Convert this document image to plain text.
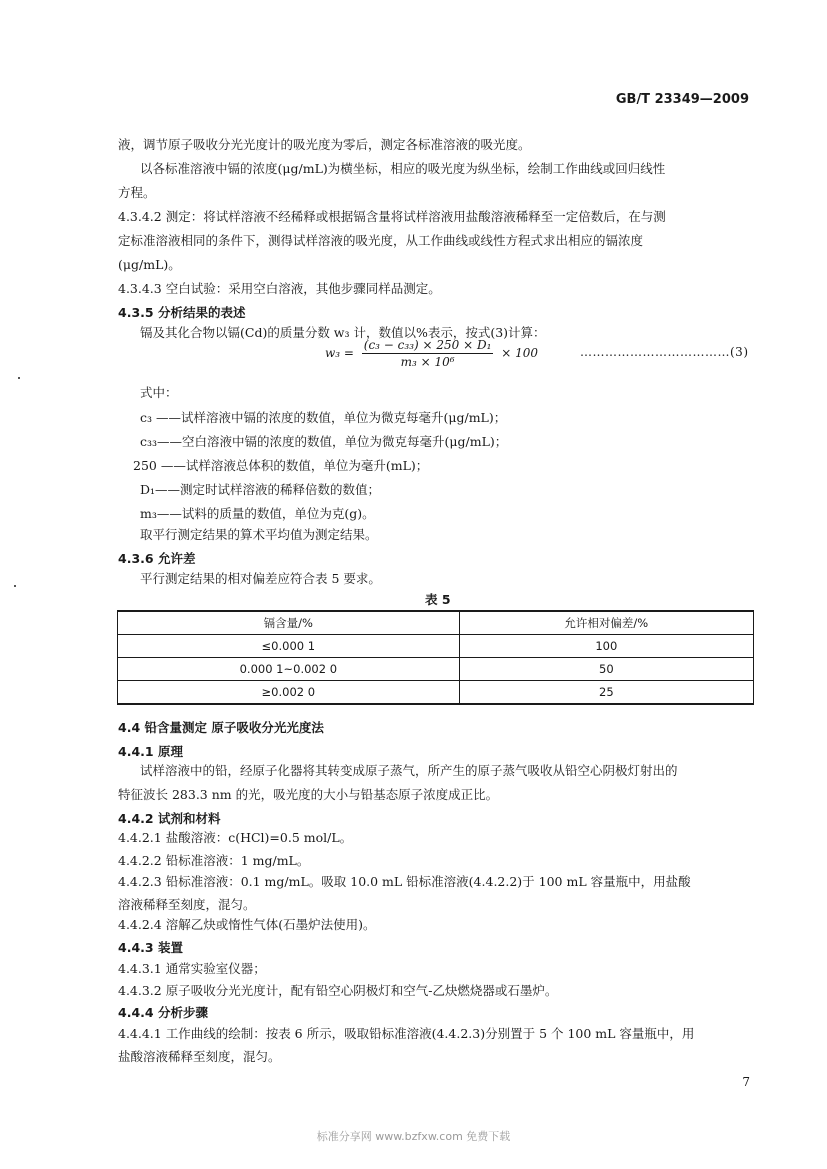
GB/T 23349—2009
液，调节原子吸收分光光度计的吸光度为零后，测定各标准溶液的吸光度。
以各标准溶液中镉的浓度(μg/mL)为横坐标，相应的吸光度为纵坐标，绘制工作曲线或回归线性
方程。
4.3.4.2 测定：将试样溶液不经稀释或根据镉含量将试样溶液用盐酸溶液稀释至一定倍数后，在与测
定标准溶液相同的条件下，测得试样溶液的吸光度，从工作曲线或线性方程式求出相应的镉浓度
(μg/mL)。
4.3.4.3 空白试验：采用空白溶液，其他步骤同样品测定。
4.3.5 分析结果的表述
镉及其化合物以镉(Cd)的质量分数 w₃ 计，数值以%表示，按式(3)计算：
式中：
c₃ ——试样溶液中镉的浓度的数值，单位为微克每毫升(μg/mL)；
c₃₃——空白溶液中镉的浓度的数值，单位为微克每毫升(μg/mL)；
250 ——试样溶液总体积的数值，单位为毫升(mL)；
D₁——测定时试样溶液的稀释倍数的数值；
m₃——试料的质量的数值，单位为克(g)。
取平行测定结果的算术平均值为测定结果。
4.3.6 允许差
平行测定结果的相对偏差应符合表 5 要求。
表 5
4.4 铅含量测定 原子吸收分光光度法
4.4.1 原理
试样溶液中的铅，经原子化器将其转变成原子蒸气，所产生的原子蒸气吸收从铅空心阴极灯射出的
特征波长 283.3 nm 的光，吸光度的大小与铅基态原子浓度成正比。
4.4.2 试剂和材料
4.4.2.1 盐酸溶液：c(HCl)=0.5 mol/L。
4.4.2.2 铅标准溶液：1 mg/mL。
4.4.2.3 铅标准溶液：0.1 mg/mL。吸取 10.0 mL 铅标准溶液(4.4.2.2)于 100 mL 容量瓶中，用盐酸
溶液稀释至刻度，混匀。
4.4.2.4 溶解乙炔或惰性气体(石墨炉法使用)。
4.4.3 装置
4.4.3.1 通常实验室仪器；
4.4.3.2 原子吸收分光光度计，配有铅空心阴极灯和空气-乙炔燃烧器或石墨炉。
4.4.4 分析步骤
4.4.4.1 工作曲线的绘制：按表 6 所示，吸取铅标准溶液(4.4.2.3)分别置于 5 个 100 mL 容量瓶中，用
盐酸溶液稀释至刻度，混匀。
$w_3 = \frac{\text{(c₃ − c₃₃) × 250 × D₁}}{\text{m₃ × 10⁶}} \times 100$	………………………………(3)
镉含量/%	允许相对偏差/%
≤0.000 1	100
0.000 1~0.002 0	50
≥0.002 0	25
7
标准分享网 www.bzfxw.com 免费下载
